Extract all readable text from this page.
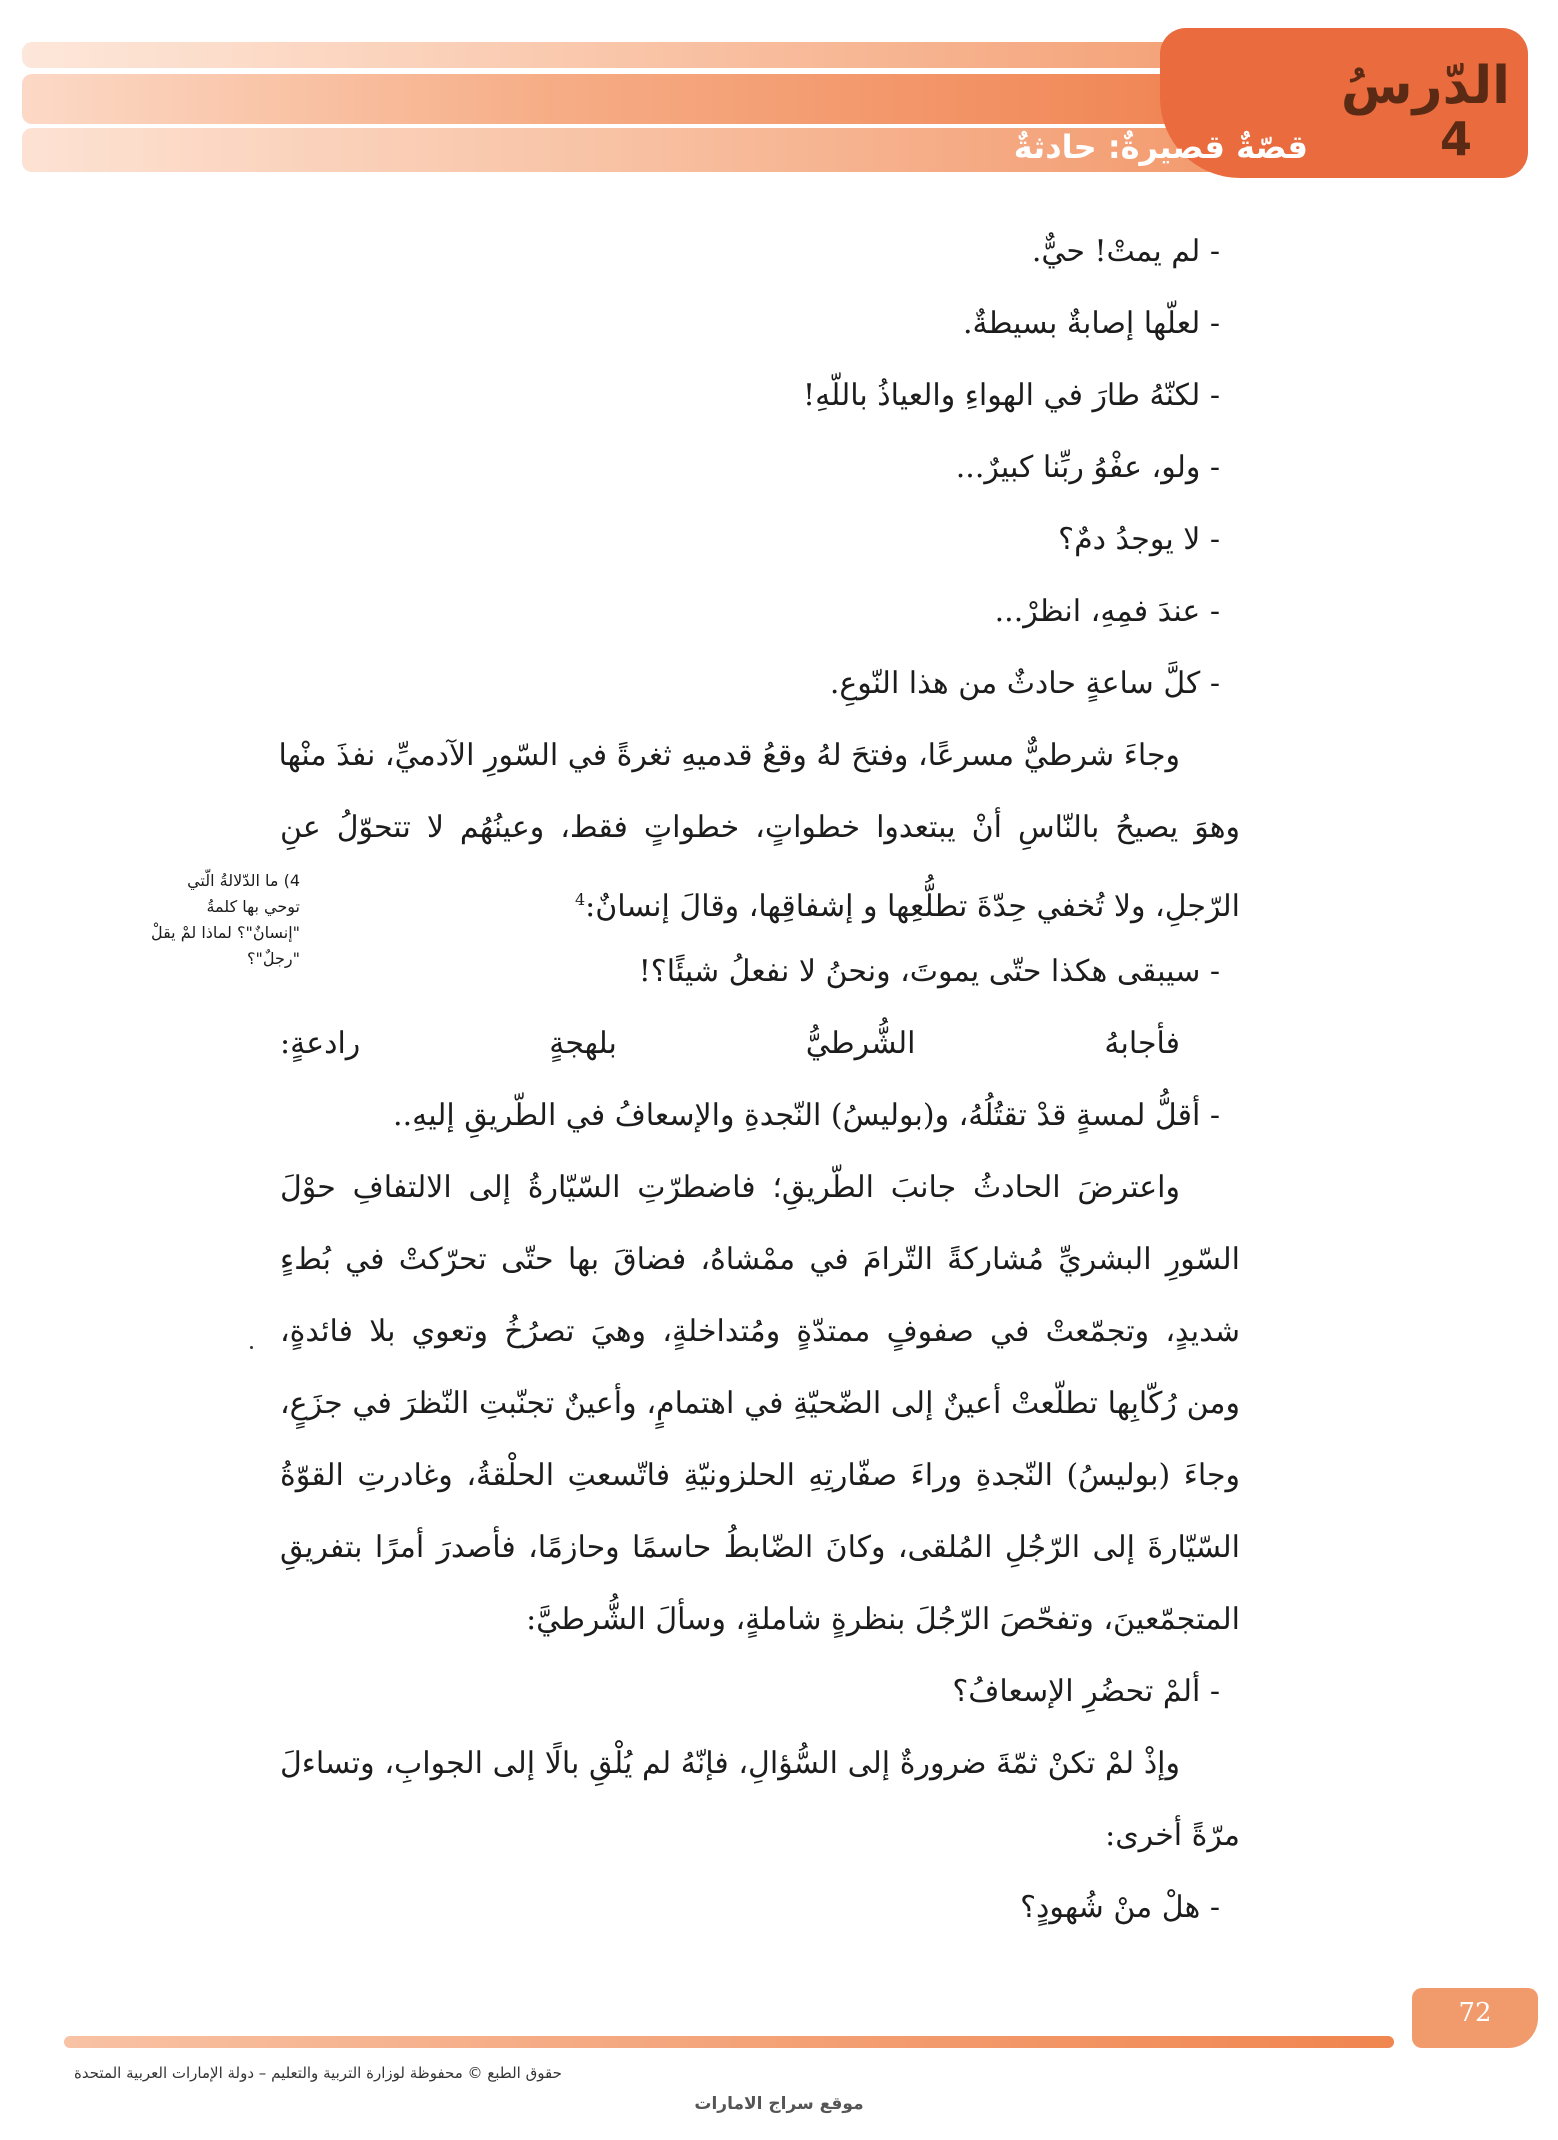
الدّرسُ
4
قصّةٌ قصيرةٌ: حادثةٌ
- لم يمتْ! حيٌّ.
- لعلّها إصابةٌ بسيطةٌ.
- لكنّهُ طارَ في الهواءِ والعياذُ باللّهِ!
- ولو، عفْوُ ربِّنا كبيرٌ...
- لا يوجدُ دمٌ؟
- عندَ فمِهِ، انظرْ...
- كلَّ ساعةٍ حادثٌ من هذا النّوعِ.
وجاءَ شرطيٌّ مسرعًا، وفتحَ لهُ وقعُ قدميهِ ثغرةً في السّورِ الآدميِّ، نفذَ منْها
وهوَ يصيحُ بالنّاسِ أنْ يبتعدوا خطواتٍ، خطواتٍ فقط، وعينُهُم لا تتحوّلُ عنِ
الرّجلِ، ولا تُخفي حِدّةَ تطلُّعِها و إشفاقِها، وقالَ إنسانٌ:$^4$
- سيبقى هكذا حتّى يموتَ، ونحنُ لا نفعلُ شيئًا؟!
فأجابهُ الشُّرطيُّ بلهجةٍ رادعةٍ:
- أقلُّ لمسةٍ قدْ تقتُلُهُ، و(بوليسُ) النّجدةِ والإسعافُ في الطّريقِ إليهِ..
واعترضَ الحادثُ جانبَ الطّريقِ؛ فاضطرّتِ السّيّارةُ إلى الالتفافِ حوْلَ
السّورِ البشريِّ مُشاركةً التّرامَ في ممْشاهُ، فضاقَ بها حتّى تحرّكتْ في بُطءٍ
شديدٍ، وتجمّعتْ في صفوفٍ ممتدّةٍ ومُتداخلةٍ، وهيَ تصرُخُ وتعوي بلا فائدةٍ،
ومن رُكّابِها تطلّعتْ أعينٌ إلى الضّحيّةِ في اهتمامٍ، وأعينٌ تجنّبتِ النّظرَ في جزَعٍ،
وجاءَ (بوليسُ) النّجدةِ وراءَ صفّارتِهِ الحلزونيّةِ فاتّسعتِ الحلْقةُ، وغادرتِ القوّةُ
السّيّارةَ إلى الرّجُلِ المُلقى، وكانَ الضّابطُ حاسمًا وحازمًا، فأصدرَ أمرًا بتفريقِ
المتجمّعينَ، وتفحّصَ الرّجُلَ بنظرةٍ شاملةٍ، وسألَ الشُّرطيَّ:
- ألمْ تحضُرِ الإسعافُ؟
وإذْ لمْ تكنْ ثمّةَ ضرورةٌ إلى السُّؤالِ، فإنّهُ لم يُلْقِ بالًا إلى الجوابِ، وتساءلَ
مرّةً أخرى:
- هلْ منْ شُهودٍ؟
4) ما الدّلالةُ الّتي توحي بها كلمةُ "إنسانٌ"؟ لماذا لمْ يقلْ "رجلٌ"؟
72
حقوق الطبع © محفوظة لوزارة التربية والتعليم – دولة الإمارات العربية المتحدة
موقع سراج الامارات
